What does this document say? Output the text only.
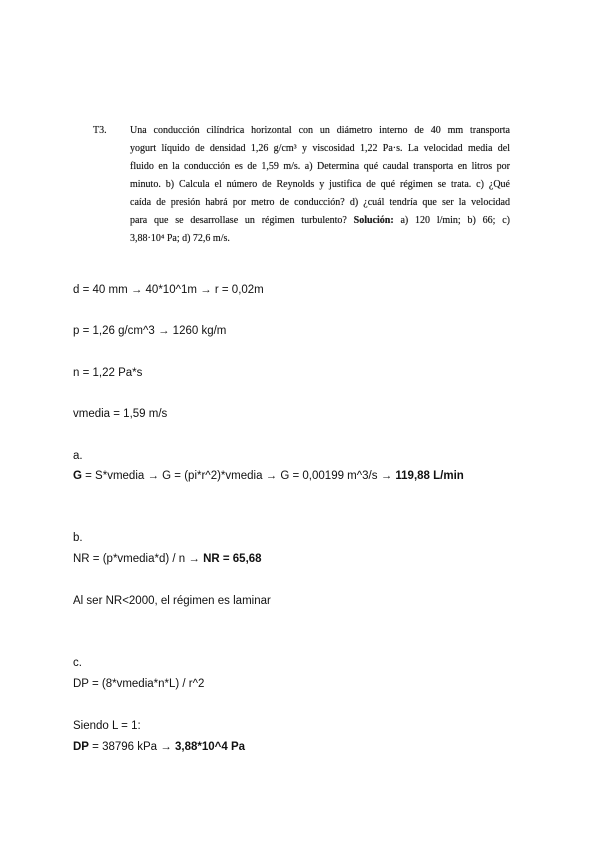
T3. Una conducción cilíndrica horizontal con un diámetro interno de 40 mm transporta
yogurt líquido de densidad 1,26 g/cm³ y viscosidad 1,22 Pa·s. La velocidad media del
fluido en la conducción es de 1,59 m/s. a) Determina qué caudal transporta en litros por
minuto. b) Calcula el número de Reynolds y justifica de qué régimen se trata. c) ¿Qué
caída de presión habrá por metro de conducción? d) ¿cuál tendría que ser la velocidad
para que se desarrollase un régimen turbulento? Solución: a) 120 l/min; b) 66; c)
3,88·10⁴ Pa; d) 72,6 m/s.
d = 40 mm → 40*10^1m → r = 0,02m
p = 1,26 g/cm^3 → 1260 kg/m
n = 1,22 Pa*s
vmedia = 1,59 m/s
a.
G = S*vmedia → G = (pi*r^2)*vmedia → G = 0,00199 m^3/s → 119,88 L/min
b.
NR = (p*vmedia*d) / n → NR = 65,68
Al ser NR<2000, el régimen es laminar
c.
DP = (8*vmedia*n*L) / r^2
Siendo L = 1:
DP = 38796 kPa → 3,88*10^4 Pa
